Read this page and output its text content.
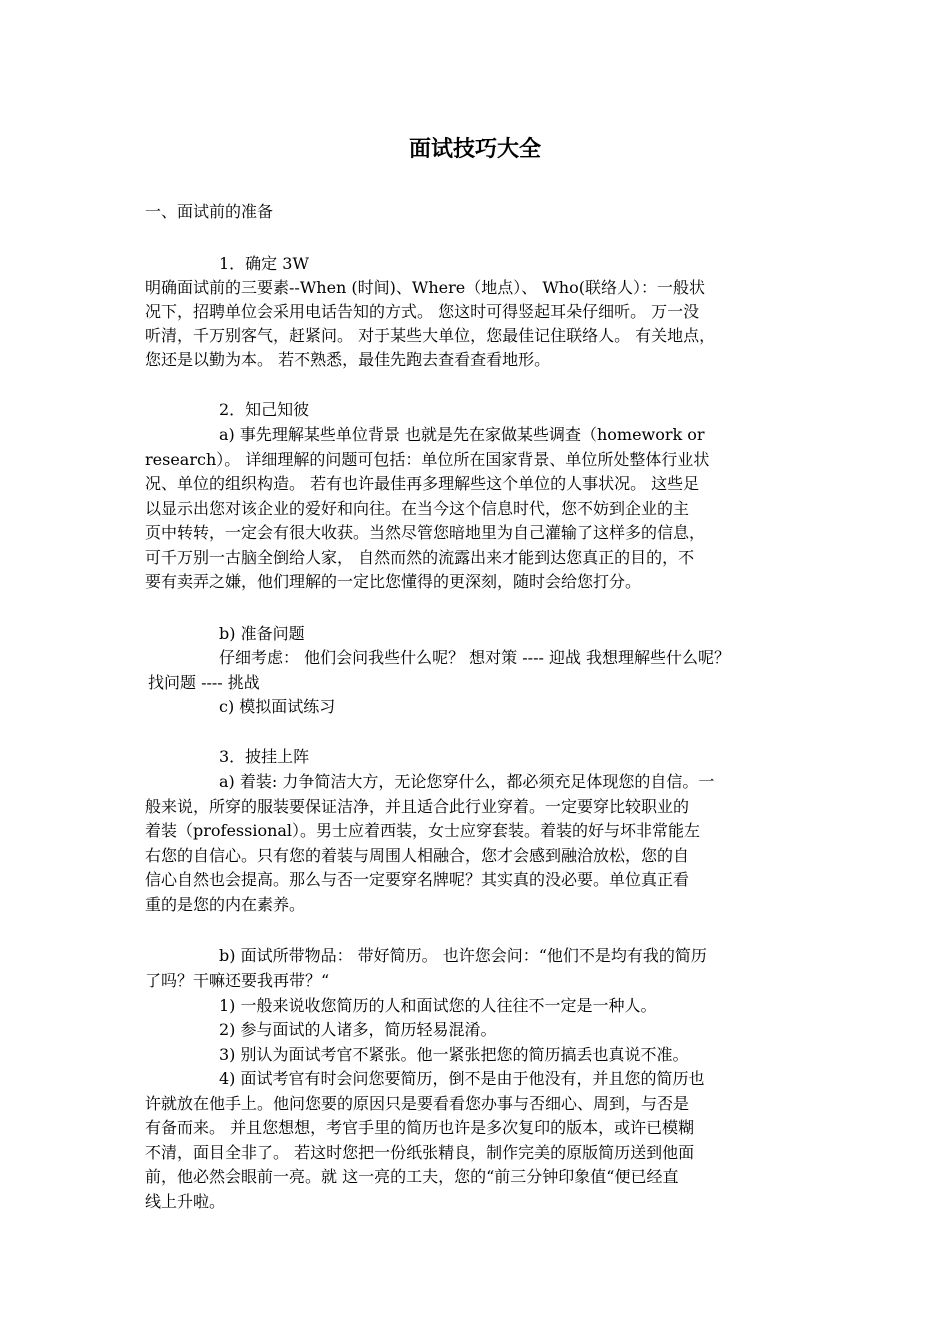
面试技巧大全

一、面试前的准备

1．确定 3W

明确面试前的三要素--When (时间)、Where（地点）、 Who(联络人）：一般状

况下，招聘单位会采用电话告知的方式。 您这时可得竖起耳朵仔细听。 万一没

听清，千万别客气，赶紧问。 对于某些大单位，您最佳记住联络人。 有关地点，

您还是以勤为本。 若不熟悉，最佳先跑去查看查看地形。

2．知己知彼

a) 事先理解某些单位背景 也就是先在家做某些调查（homework or

research）。 详细理解的问题可包括：单位所在国家背景、单位所处整体行业状

况、单位的组织构造。 若有也许最佳再多理解些这个单位的人事状况。 这些足

以显示出您对该企业的爱好和向往。在当今这个信息时代，您不妨到企业的主

页中转转，一定会有很大收获。当然尽管您暗地里为自己灌输了这样多的信息，

可千万别一古脑全倒给人家， 自然而然的流露出来才能到达您真正的目的，不

要有卖弄之嫌，他们理解的一定比您懂得的更深刻，随时会给您打分。

b) 准备问题

仔细考虑： 他们会问我些什么呢？ 想对策 ---- 迎战 我想理解些什么呢？

找问题 ---- 挑战

c) 模拟面试练习

3．披挂上阵

a) 着装: 力争简洁大方，无论您穿什么，都必须充足体现您的自信。一

般来说，所穿的服装要保证洁净，并且适合此行业穿着。一定要穿比较职业的

着装（professional）。男士应着西装，女士应穿套装。着装的好与坏非常能左

右您的自信心。只有您的着装与周围人相融合，您才会感到融洽放松，您的自

信心自然也会提高。那么与否一定要穿名牌呢？其实真的没必要。单位真正看

重的是您的内在素养。

b) 面试所带物品： 带好简历。 也许您会问：“他们不是均有我的简历

了吗？干嘛还要我再带？“

1) 一般来说收您简历的人和面试您的人往往不一定是一种人。

2) 参与面试的人诸多，简历轻易混淆。

3) 别认为面试考官不紧张。他一紧张把您的简历搞丢也真说不准。

4) 面试考官有时会问您要简历，倒不是由于他没有，并且您的简历也

许就放在他手上。他问您要的原因只是要看看您办事与否细心、周到，与否是

有备而来。 并且您想想，考官手里的简历也许是多次复印的版本，或许已模糊

不清，面目全非了。 若这时您把一份纸张精良，制作完美的原版简历送到他面

前，他必然会眼前一亮。就 这一亮的工夫，您的“前三分钟印象值“便已经直

线上升啦。
